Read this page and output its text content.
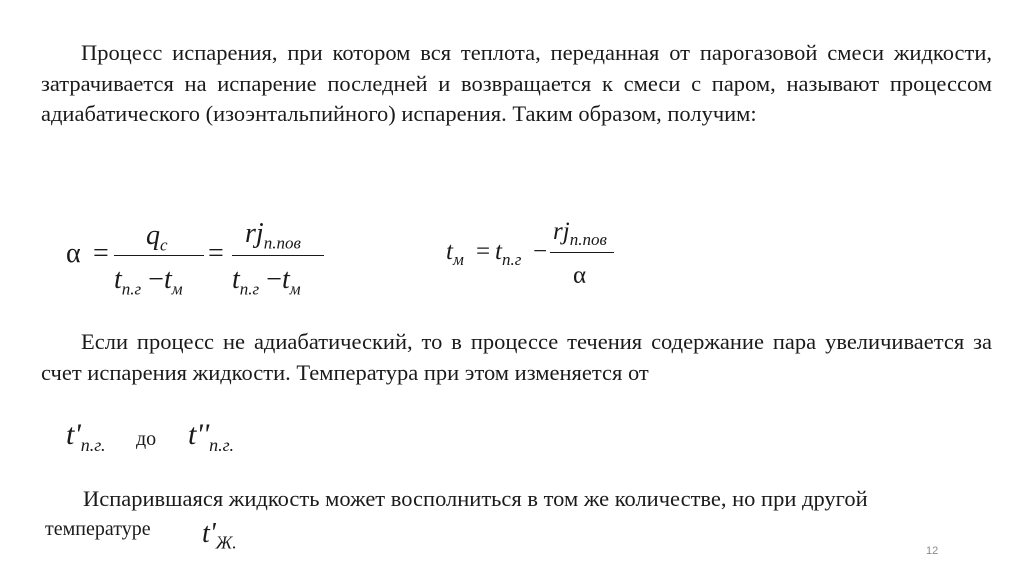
Процесс испарения, при котором вся теплота, переданная от парогазовой смеси жидкости, затрачивается на испарение последней и возвращается к смеси с паром, называют процессом адиабатического (изоэнтальпийного) испарения. Таким образом, получим:
α =
$q_c$
$t_{п.г} -t_м$
=
$rj_{п.пов}$
$t_{п.г} -t_м$
$t_м = t_{п.г}$ −
$rj_{п.пов}$
α
Если процесс не адиабатический, то в процессе течения содержание пара увеличивается за счет испарения жидкости. Температура при этом изменяется от
$t'_{п.г.}$ до $t''_{п.г.}$
Испарившаяся жидкость может восполниться в том же количестве, но при другой
температуре $t'_{Ж.}$	12
